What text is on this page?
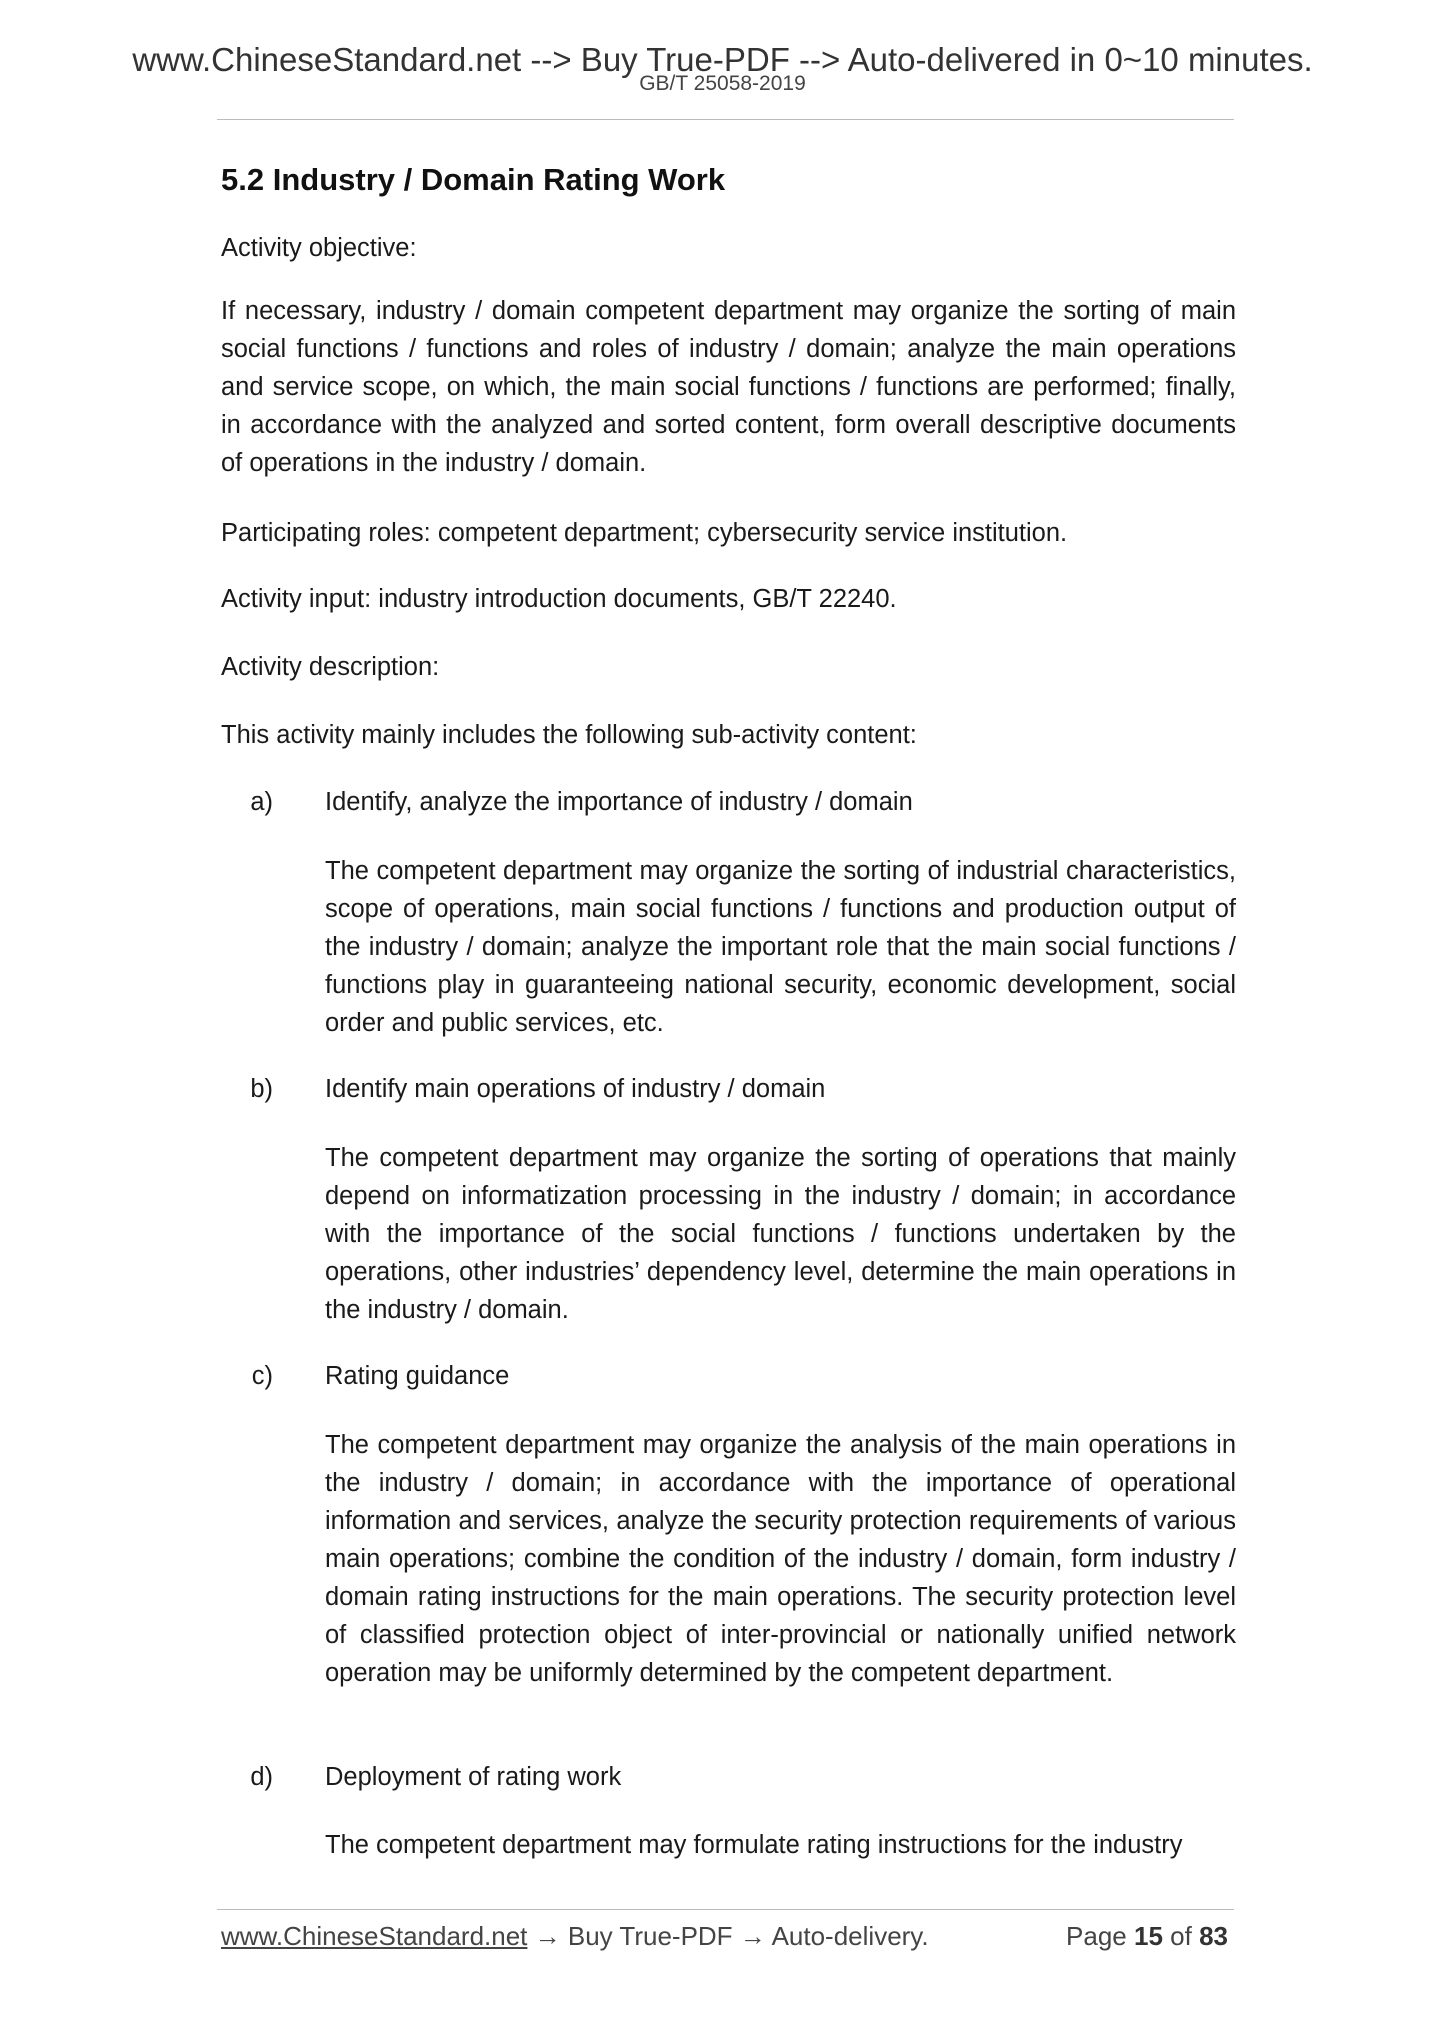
www.ChineseStandard.net --> Buy True-PDF --> Auto-delivered in 0~10 minutes.
GB/T 25058-2019
5.2 Industry / Domain Rating Work
Activity objective:
If necessary, industry / domain competent department may organize the sorting of main social functions / functions and roles of industry / domain; analyze the main operations and service scope, on which, the main social functions / functions are performed; finally, in accordance with the analyzed and sorted content, form overall descriptive documents of operations in the industry / domain.
Participating roles: competent department; cybersecurity service institution.
Activity input: industry introduction documents, GB/T 22240.
Activity description:
This activity mainly includes the following sub-activity content:
a) Identify, analyze the importance of industry / domain
The competent department may organize the sorting of industrial characteristics, scope of operations, main social functions / functions and production output of the industry / domain; analyze the important role that the main social functions / functions play in guaranteeing national security, economic development, social order and public services, etc.
b) Identify main operations of industry / domain
The competent department may organize the sorting of operations that mainly depend on informatization processing in the industry / domain; in accordance with the importance of the social functions / functions undertaken by the operations, other industries’ dependency level, determine the main operations in the industry / domain.
c) Rating guidance
The competent department may organize the analysis of the main operations in the industry / domain; in accordance with the importance of operational information and services, analyze the security protection requirements of various main operations; combine the condition of the industry / domain, form industry / domain rating instructions for the main operations. The security protection level of classified protection object of inter-provincial or nationally unified network operation may be uniformly determined by the competent department.
d) Deployment of rating work
The competent department may formulate rating instructions for the industry
www.ChineseStandard.net → Buy True-PDF → Auto-delivery.	Page 15 of 83
